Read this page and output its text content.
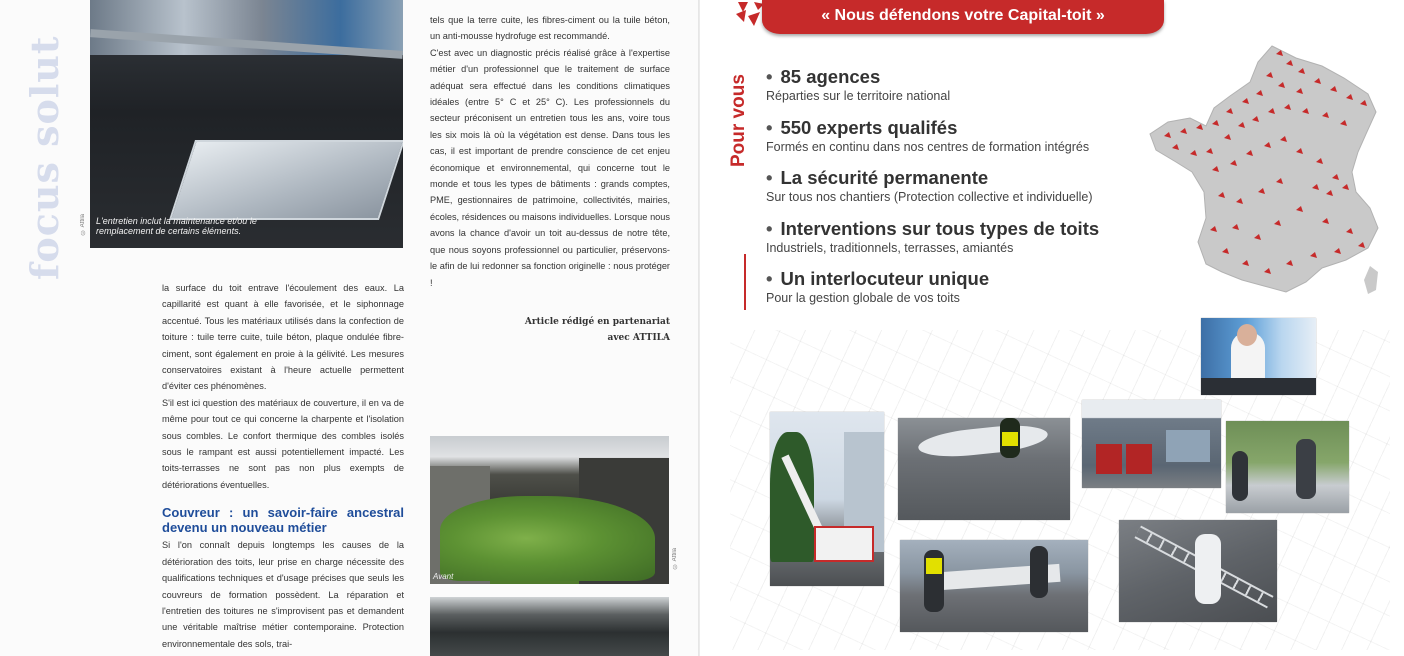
focus solut © Attila L'entretien inclut la maintenance et/ou le remplacement de certains éléments.

la surface du toit entrave l'écoulement des eaux. La capillarité est quant à elle favorisée, et le siphonnage accentué. Tous les matériaux utilisés dans la confection de toiture : tuile terre cuite, tuile béton, plaque ondulée fibre-ciment, sont également en proie à la gélivité. Les mesures conservatoires existant à l'heure actuelle permettent d'éviter ces phénomènes.

S'il est ici question des matériaux de couverture, il en va de même pour tout ce qui concerne la charpente et l'isolation sous combles. Le confort thermique des combles isolés sous le rampant est aussi potentiellement impacté. Les toits-terrasses ne sont pas non plus exempts de détériorations éventuelles.

Couvreur : un savoir-faire ancestral devenu un nouveau métier

Si l'on connaît depuis longtemps les causes de la détérioration des toits, leur prise en charge nécessite des qualifications techniques et d'usage précises que seuls les couvreurs de formation possèdent. La réparation et l'entretien des toitures ne s'improvisent pas et demandent une véritable maîtrise métier contemporaine. Protection environnementale des sols, trai-

tels que la terre cuite, les fibres-ciment ou la tuile béton, un anti-mousse hydrofuge est recommandé.

C'est avec un diagnostic précis réalisé grâce à l'expertise métier d'un professionnel que le traitement de surface adéquat sera effectué dans les conditions climatiques idéales (entre 5° C et 25° C). Les professionnels du secteur préconisent un entretien tous les ans, voire tous les six mois là où la végétation est dense. Dans tous les cas, il est important de prendre conscience de cet enjeu économique et environnemental, qui concerne tout le monde et tous les types de bâtiments : grands comptes, PME, gestionnaires de patrimoine, collectivités, mairies, écoles, résidences ou maisons individuelles. Lorsque nous avons la chance d'avoir un toit au-dessus de notre tête, que nous soyons professionnel ou particulier, préservons-le afin de lui redonner sa fonction originelle : nous protéger !

Article rédigé en partenariat
avec ATTILA
Avant
© Attila
« Nous défendons votre Capital-toit »
Pour vous • 85 agences
Réparties sur le territoire national
• 550 experts qualifés
Formés en continu dans nos centres de formation intégrés
• La sécurité permanente
Sur tous nos chantiers (Protection collective et individuelle)
• Interventions sur tous types de toits
Industriels, traditionnels, terrasses, amiantés
• Un interlocuteur unique
Pour la gestion globale de vos toits
